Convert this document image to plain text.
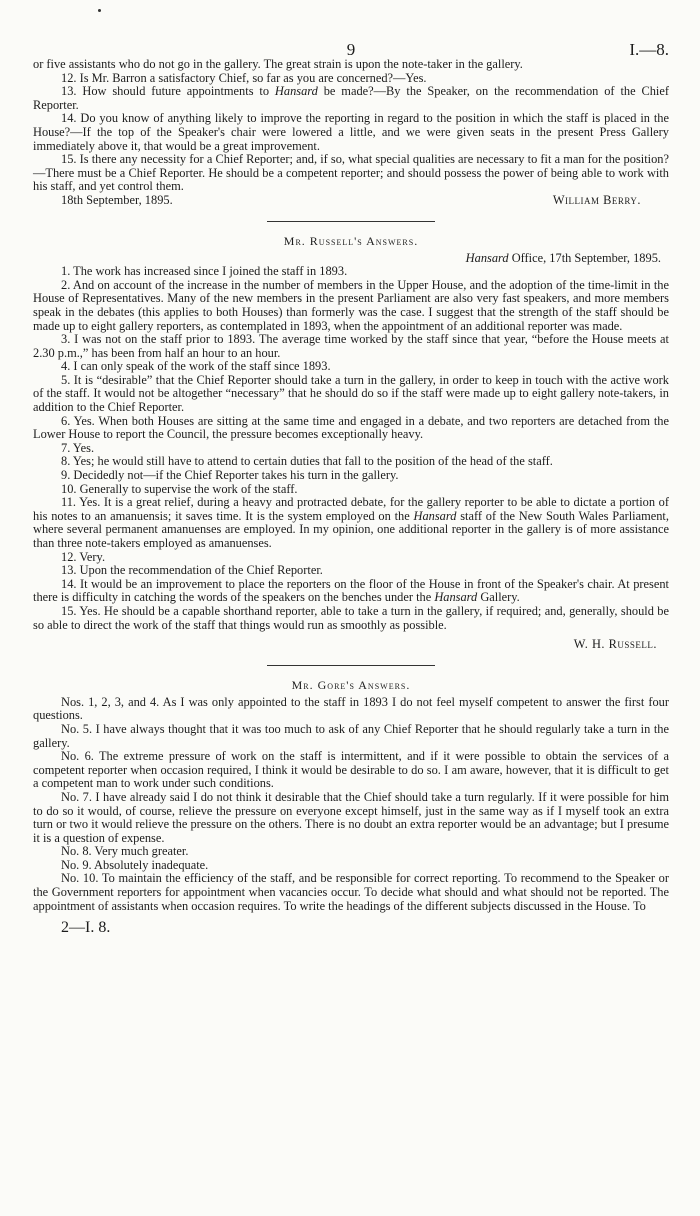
9	I.—8.

or five assistants who do not go in the gallery. The great strain is upon the note-taker in the gallery.

12. Is Mr. Barron a satisfactory Chief, so far as you are concerned?—Yes.

13. How should future appointments to Hansard be made?—By the Speaker, on the recommendation of the Chief Reporter.

14. Do you know of anything likely to improve the reporting in regard to the position in which the staff is placed in the House?—If the top of the Speaker's chair were lowered a little, and we were given seats in the present Press Gallery immediately above it, that would be a great improvement.

15. Is there any necessity for a Chief Reporter; and, if so, what special qualities are necessary to fit a man for the position?—There must be a Chief Reporter. He should be a competent reporter; and should possess the power of being able to work with his staff, and yet control them.

18th September, 1895.	William Berry.
Mr. Russell's Answers.

Hansard Office, 17th September, 1895.

1. The work has increased since I joined the staff in 1893.

2. And on account of the increase in the number of members in the Upper House, and the adoption of the time-limit in the House of Representatives. Many of the new members in the present Parliament are also very fast speakers, and more members speak in the debates (this applies to both Houses) than formerly was the case. I suggest that the strength of the staff should be made up to eight gallery reporters, as contemplated in 1893, when the appointment of an additional reporter was made.

3. I was not on the staff prior to 1893. The average time worked by the staff since that year, “before the House meets at 2.30 p.m.,” has been from half an hour to an hour.

4. I can only speak of the work of the staff since 1893.

5. It is “desirable” that the Chief Reporter should take a turn in the gallery, in order to keep in touch with the active work of the staff. It would not be altogether “necessary” that he should do so if the staff were made up to eight gallery note-takers, in addition to the Chief Reporter.

6. Yes. When both Houses are sitting at the same time and engaged in a debate, and two reporters are detached from the Lower House to report the Council, the pressure becomes exceptionally heavy.

7. Yes.

8. Yes; he would still have to attend to certain duties that fall to the position of the head of the staff.

9. Decidedly not—if the Chief Reporter takes his turn in the gallery.

10. Generally to supervise the work of the staff.

11. Yes. It is a great relief, during a heavy and protracted debate, for the gallery reporter to be able to dictate a portion of his notes to an amanuensis; it saves time. It is the system employed on the Hansard staff of the New South Wales Parliament, where several permanent amanuenses are employed. In my opinion, one additional reporter in the gallery is of more assistance than three note-takers employed as amanuenses.

12. Very.

13. Upon the recommendation of the Chief Reporter.

14. It would be an improvement to place the reporters on the floor of the House in front of the Speaker's chair. At present there is difficulty in catching the words of the speakers on the benches under the Hansard Gallery.

15. Yes. He should be a capable shorthand reporter, able to take a turn in the gallery, if required; and, generally, should be so able to direct the work of the staff that things would run as smoothly as possible.

W. H. Russell.

Mr. Gore's Answers.

Nos. 1, 2, 3, and 4. As I was only appointed to the staff in 1893 I do not feel myself competent to answer the first four questions.

No. 5. I have always thought that it was too much to ask of any Chief Reporter that he should regularly take a turn in the gallery.

No. 6. The extreme pressure of work on the staff is intermittent, and if it were possible to obtain the services of a competent reporter when occasion required, I think it would be desirable to do so. I am aware, however, that it is difficult to get a competent man to work under such conditions.

No. 7. I have already said I do not think it desirable that the Chief should take a turn regularly. If it were possible for him to do so it would, of course, relieve the pressure on everyone except himself, just in the same way as if I myself took an extra turn or two it would relieve the pressure on the others. There is no doubt an extra reporter would be an advantage; but I presume it is a question of expense.

No. 8. Very much greater.

No. 9. Absolutely inadequate.

No. 10. To maintain the efficiency of the staff, and be responsible for correct reporting. To recommend to the Speaker or the Government reporters for appointment when vacancies occur. To decide what should and what should not be reported. The appointment of assistants when occasion requires. To write the headings of the different subjects discussed in the House. To

2—I. 8.
